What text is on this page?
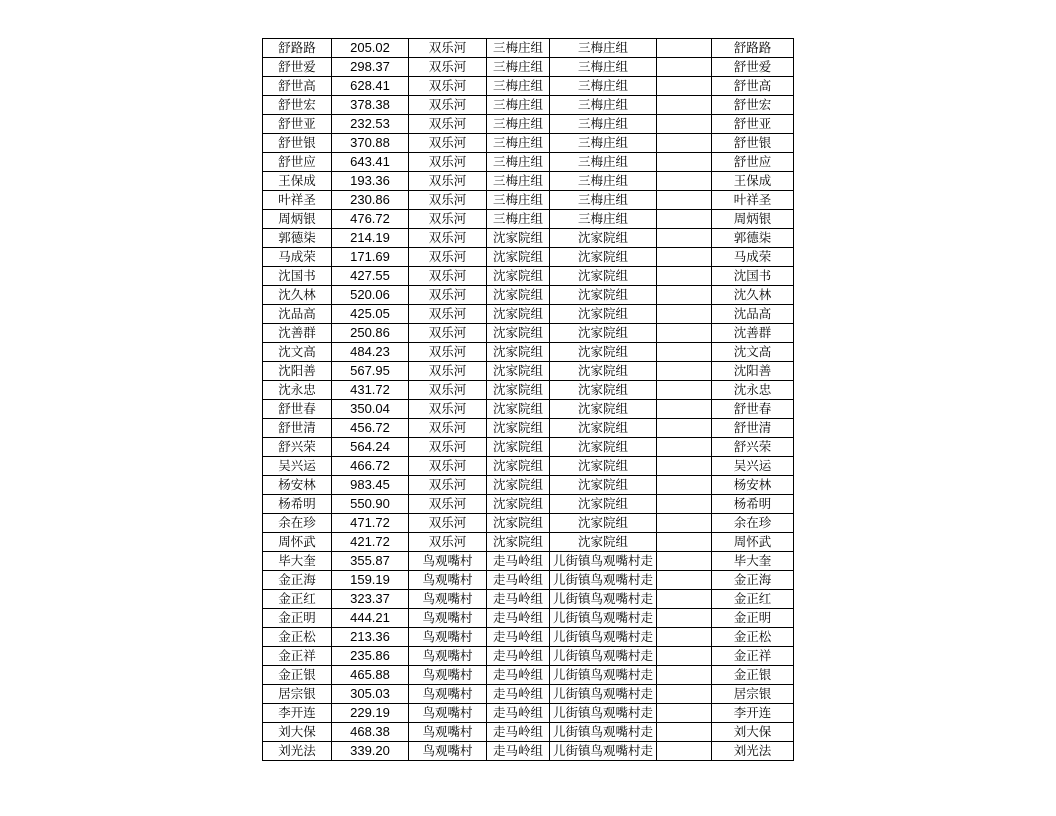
舒路路	205.02	双乐河	三梅庄组	三梅庄组		舒路路
舒世爱	298.37	双乐河	三梅庄组	三梅庄组		舒世爱
舒世高	628.41	双乐河	三梅庄组	三梅庄组		舒世高
舒世宏	378.38	双乐河	三梅庄组	三梅庄组		舒世宏
舒世亚	232.53	双乐河	三梅庄组	三梅庄组		舒世亚
舒世银	370.88	双乐河	三梅庄组	三梅庄组		舒世银
舒世应	643.41	双乐河	三梅庄组	三梅庄组		舒世应
王保成	193.36	双乐河	三梅庄组	三梅庄组		王保成
叶祥圣	230.86	双乐河	三梅庄组	三梅庄组		叶祥圣
周炳银	476.72	双乐河	三梅庄组	三梅庄组		周炳银
郭德柒	214.19	双乐河	沈家院组	沈家院组		郭德柒
马成荣	171.69	双乐河	沈家院组	沈家院组		马成荣
沈国书	427.55	双乐河	沈家院组	沈家院组		沈国书
沈久林	520.06	双乐河	沈家院组	沈家院组		沈久林
沈品高	425.05	双乐河	沈家院组	沈家院组		沈品高
沈善群	250.86	双乐河	沈家院组	沈家院组		沈善群
沈文高	484.23	双乐河	沈家院组	沈家院组		沈文高
沈阳善	567.95	双乐河	沈家院组	沈家院组		沈阳善
沈永忠	431.72	双乐河	沈家院组	沈家院组		沈永忠
舒世春	350.04	双乐河	沈家院组	沈家院组		舒世春
舒世清	456.72	双乐河	沈家院组	沈家院组		舒世清
舒兴荣	564.24	双乐河	沈家院组	沈家院组		舒兴荣
吴兴运	466.72	双乐河	沈家院组	沈家院组		吴兴运
杨安林	983.45	双乐河	沈家院组	沈家院组		杨安林
杨希明	550.90	双乐河	沈家院组	沈家院组		杨希明
余在珍	471.72	双乐河	沈家院组	沈家院组		余在珍
周怀武	421.72	双乐河	沈家院组	沈家院组		周怀武
毕大奎	355.87	鸟观嘴村	走马岭组	儿街镇鸟观嘴村走		毕大奎
金正海	159.19	鸟观嘴村	走马岭组	儿街镇鸟观嘴村走		金正海
金正红	323.37	鸟观嘴村	走马岭组	儿街镇鸟观嘴村走		金正红
金正明	444.21	鸟观嘴村	走马岭组	儿街镇鸟观嘴村走		金正明
金正松	213.36	鸟观嘴村	走马岭组	儿街镇鸟观嘴村走		金正松
金正祥	235.86	鸟观嘴村	走马岭组	儿街镇鸟观嘴村走		金正祥
金正银	465.88	鸟观嘴村	走马岭组	儿街镇鸟观嘴村走		金正银
居宗银	305.03	鸟观嘴村	走马岭组	儿街镇鸟观嘴村走		居宗银
李开连	229.19	鸟观嘴村	走马岭组	儿街镇鸟观嘴村走		李开连
刘大保	468.38	鸟观嘴村	走马岭组	儿街镇鸟观嘴村走		刘大保
刘光法	339.20	鸟观嘴村	走马岭组	儿街镇鸟观嘴村走		刘光法
